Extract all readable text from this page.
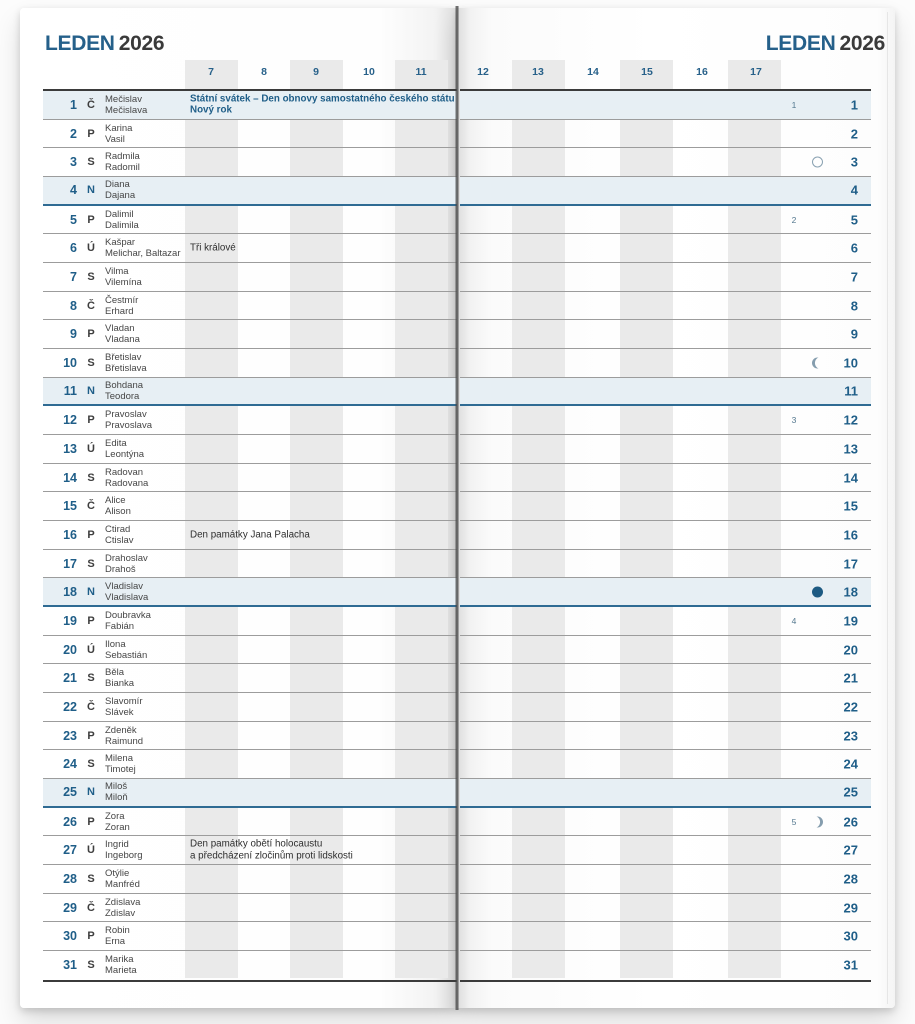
LEDEN 2026
7	8	9	10	11
1 Č	Mečislav
Mečislava
Státní svátek – Den obnovy samostatného českého státu
Nový rok
2 P	Karina
Vasil
3 S	Radmila
Radomil
4 N	Diana
Dajana
5 P	Dalimil
Dalimila
6 Ú	Kašpar
Melichar, Baltazar
Tři králové
7 S	Vilma
Vilemína
8 Č	Čestmír
Erhard
9 P	Vladan
Vladana
10 S	Břetislav
Břetislava
11 N	Bohdana
Teodora
12 P	Pravoslav
Pravoslava
13 Ú	Edita
Leontýna
14 S	Radovan
Radovana
15 Č	Alice
Alison
16 P	Ctirad
Ctislav
Den památky Jana Palacha
17 S	Drahoslav
Drahoš
18 N	Vladislav
Vladislava
19 P	Doubravka
Fabián
20 Ú	Ilona
Sebastián
21 S	Běla
Bianka
22 Č	Slavomír
Slávek
23 P	Zdeněk
Raimund
24 S	Milena
Timotej
25 N	Miloš
Miloň
26 P	Zora
Zoran
27 Ú	Ingrid
Ingeborg
Den památky obětí holocaustu
a předcházení zločinům proti lidskosti
28 S	Otýlie
Manfréd
29 Č	Zdislava
Zdislav
30 P	Robin
Erna
31 S	Marika
Marieta
LEDEN 2026
12	13	14	15	16	17
1	1
2
3
4
2	5
6
7
8
9
10
11
3	12
13
14
15
16
17
18
4	19
20
21
22
23
24
25
5	26
27
28
29
30
31
